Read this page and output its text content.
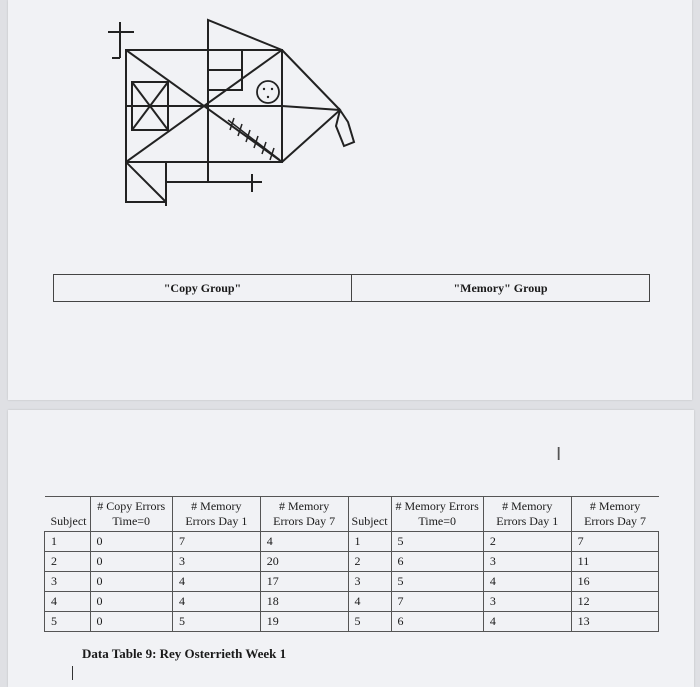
"Copy Group"	"Memory" Group
I
Subject	# Copy Errors Time=0	# Memory Errors Day 1	# Memory Errors Day 7	Subject	# Memory Errors Time=0	# Memory Errors Day 1	# Memory Errors Day 7
1	0	7	4	1	5	2	7
2	0	3	20	2	6	3	11
3	0	4	17	3	5	4	16
4	0	4	18	4	7	3	12
5	0	5	19	5	6	4	13
Data Table 9: Rey Osterrieth Week 1
